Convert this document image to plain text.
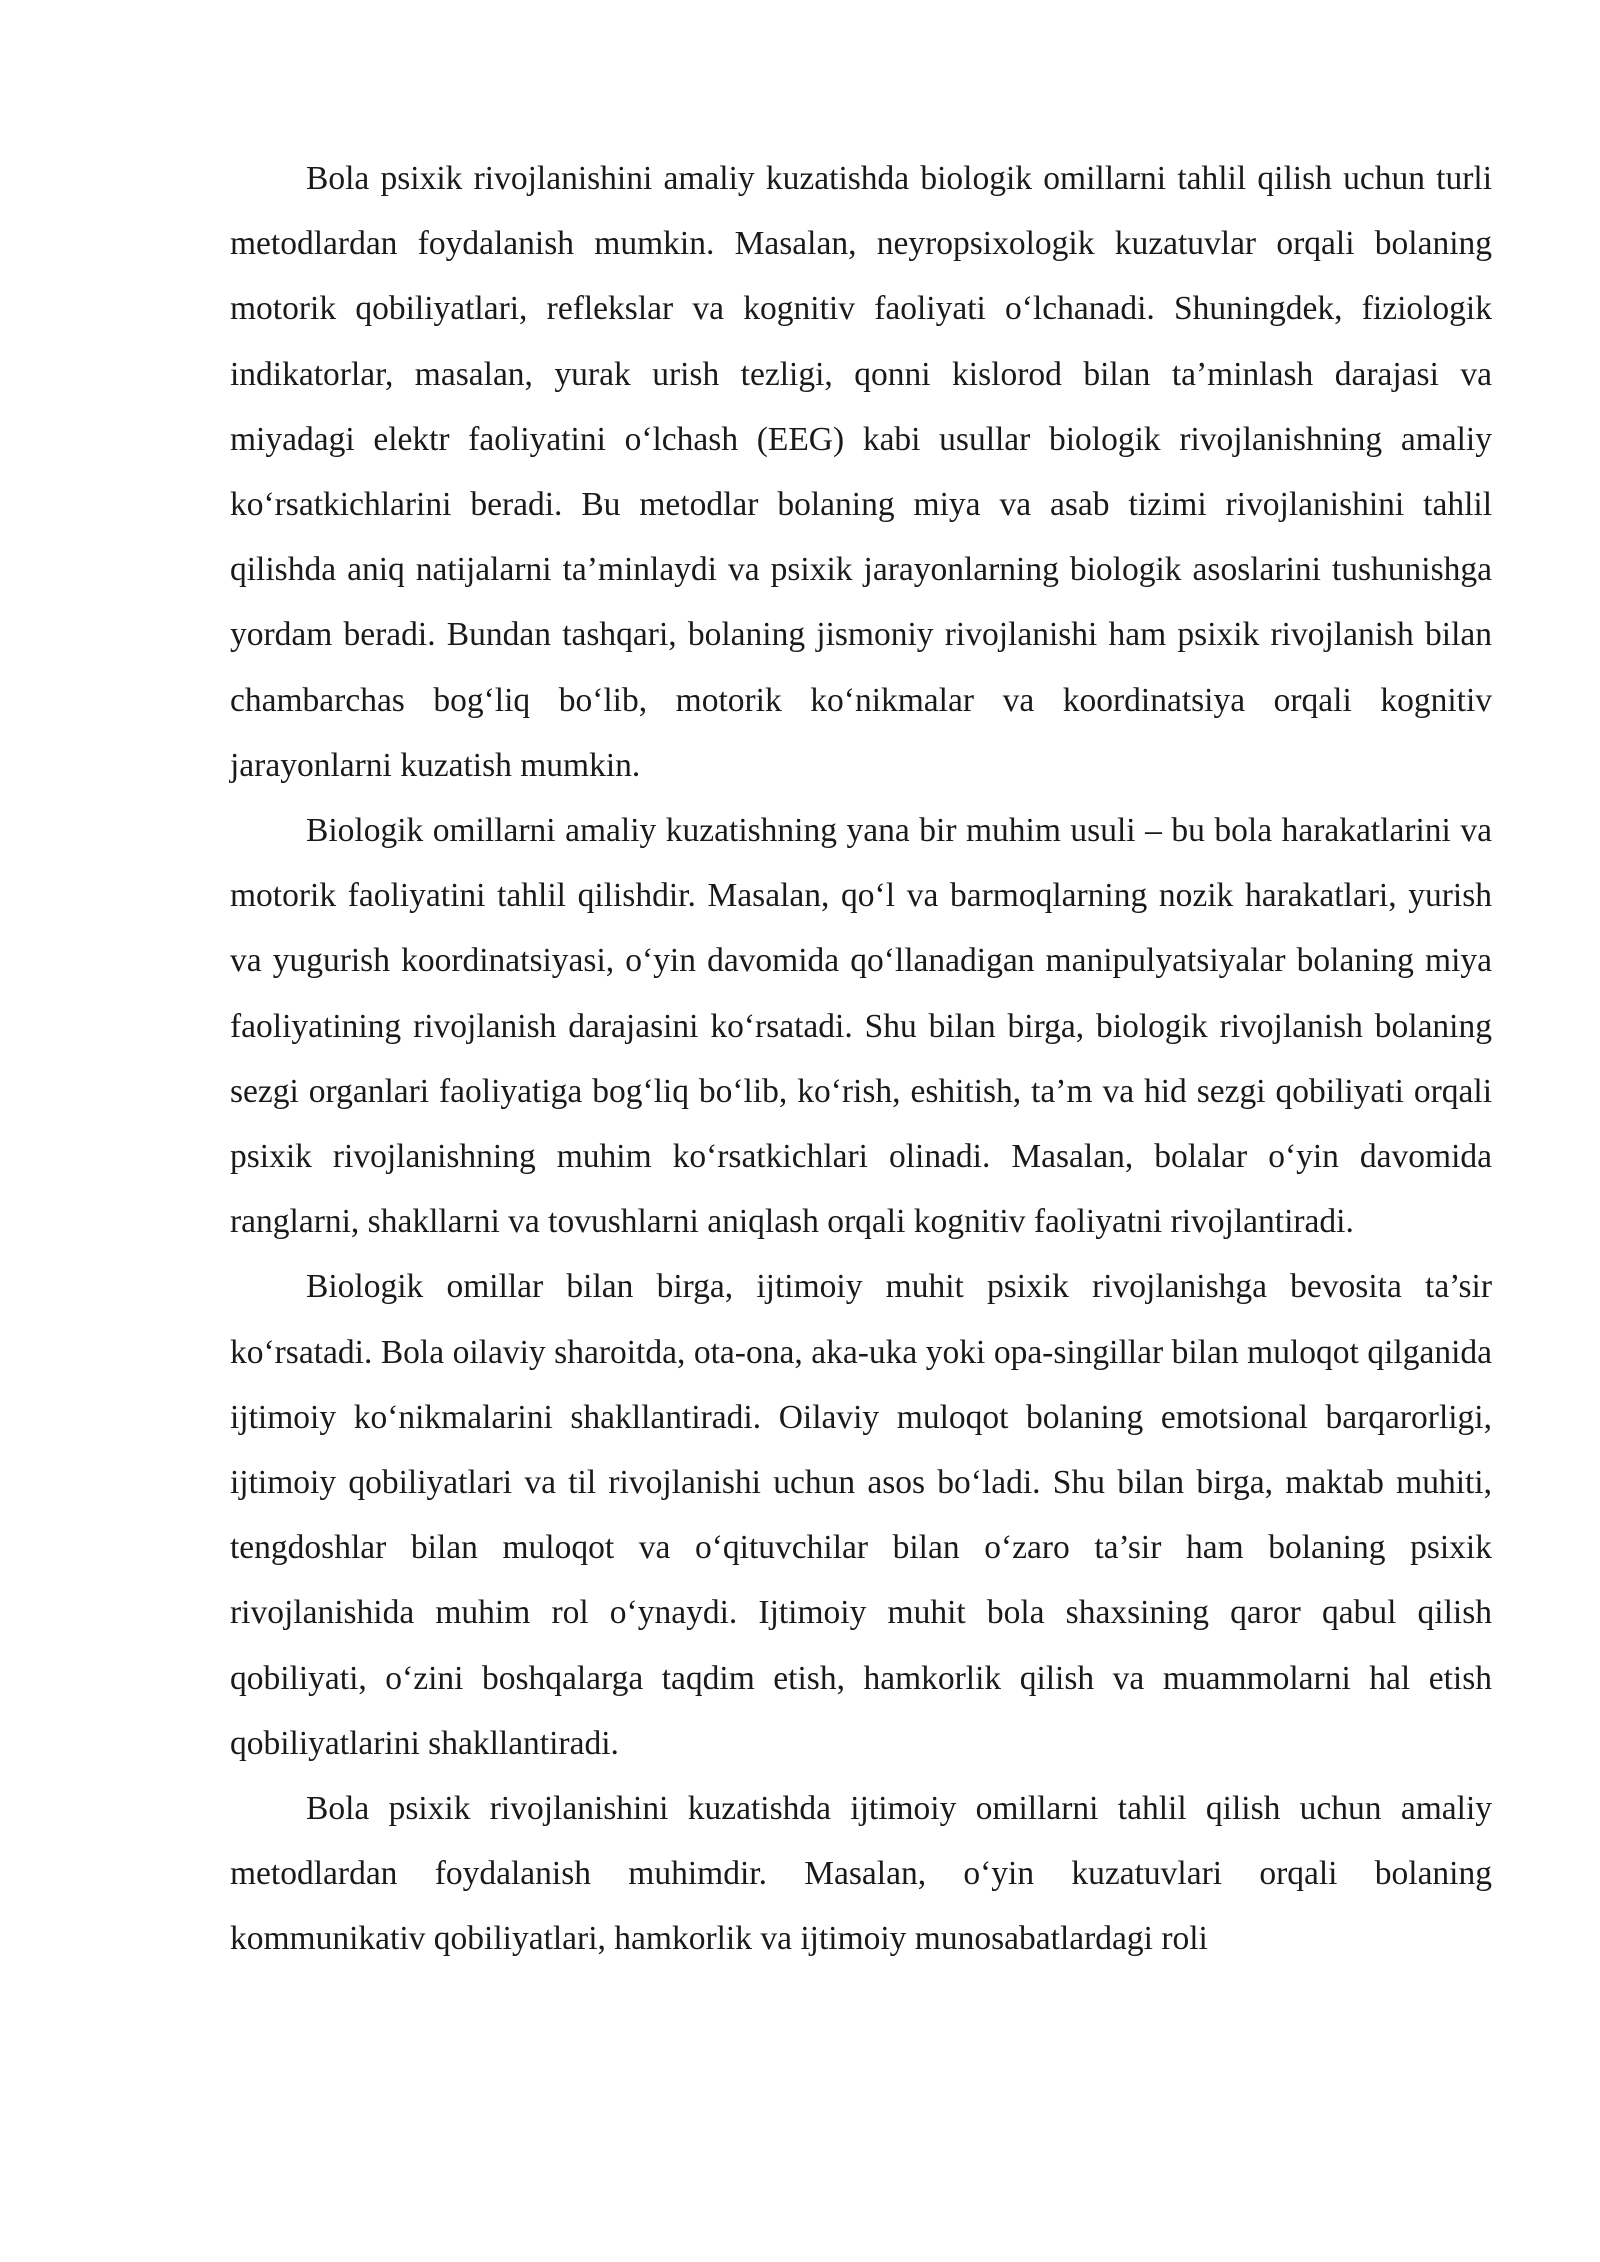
Bola psixik rivojlanishini amaliy kuzatishda biologik omillarni tahlil qilish uchun turli metodlardan foydalanish mumkin. Masalan, neyropsixologik kuzatuvlar orqali bolaning motorik qobiliyatlari, reflekslar va kognitiv faoliyati o‘lchanadi. Shuningdek, fiziologik indikatorlar, masalan, yurak urish tezligi, qonni kislorod bilan ta’minlash darajasi va miyadagi elektr faoliyatini o‘lchash (EEG) kabi usullar biologik rivojlanishning amaliy ko‘rsatkichlarini beradi. Bu metodlar bolaning miya va asab tizimi rivojlanishini tahlil qilishda aniq natijalarni ta’minlaydi va psixik jarayonlarning biologik asoslarini tushunishga yordam beradi. Bundan tashqari, bolaning jismoniy rivojlanishi ham psixik rivojlanish bilan chambarchas bog‘liq bo‘lib, motorik ko‘nikmalar va koordinatsiya orqali kognitiv jarayonlarni kuzatish mumkin.

Biologik omillarni amaliy kuzatishning yana bir muhim usuli – bu bola harakatlarini va motorik faoliyatini tahlil qilishdir. Masalan, qo‘l va barmoqlarning nozik harakatlari, yurish va yugurish koordinatsiyasi, o‘yin davomida qo‘llanadigan manipulyatsiyalar bolaning miya faoliyatining rivojlanish darajasini ko‘rsatadi. Shu bilan birga, biologik rivojlanish bolaning sezgi organlari faoliyatiga bog‘liq bo‘lib, ko‘rish, eshitish, ta’m va hid sezgi qobiliyati orqali psixik rivojlanishning muhim ko‘rsatkichlari olinadi. Masalan, bolalar o‘yin davomida ranglarni, shakllarni va tovushlarni aniqlash orqali kognitiv faoliyatni rivojlantiradi.

Biologik omillar bilan birga, ijtimoiy muhit psixik rivojlanishga bevosita ta’sir ko‘rsatadi. Bola oilaviy sharoitda, ota-ona, aka-uka yoki opa-singillar bilan muloqot qilganida ijtimoiy ko‘nikmalarini shakllantiradi. Oilaviy muloqot bolaning emotsional barqarorligi, ijtimoiy qobiliyatlari va til rivojlanishi uchun asos bo‘ladi. Shu bilan birga, maktab muhiti, tengdoshlar bilan muloqot va o‘qituvchilar bilan o‘zaro ta’sir ham bolaning psixik rivojlanishida muhim rol o‘ynaydi. Ijtimoiy muhit bola shaxsining qaror qabul qilish qobiliyati, o‘zini boshqalarga taqdim etish, hamkorlik qilish va muammolarni hal etish qobiliyatlarini shakllantiradi.

Bola psixik rivojlanishini kuzatishda ijtimoiy omillarni tahlil qilish uchun amaliy metodlardan foydalanish muhimdir. Masalan, o‘yin kuzatuvlari orqali bolaning kommunikativ qobiliyatlari, hamkorlik va ijtimoiy munosabatlardagi roli
